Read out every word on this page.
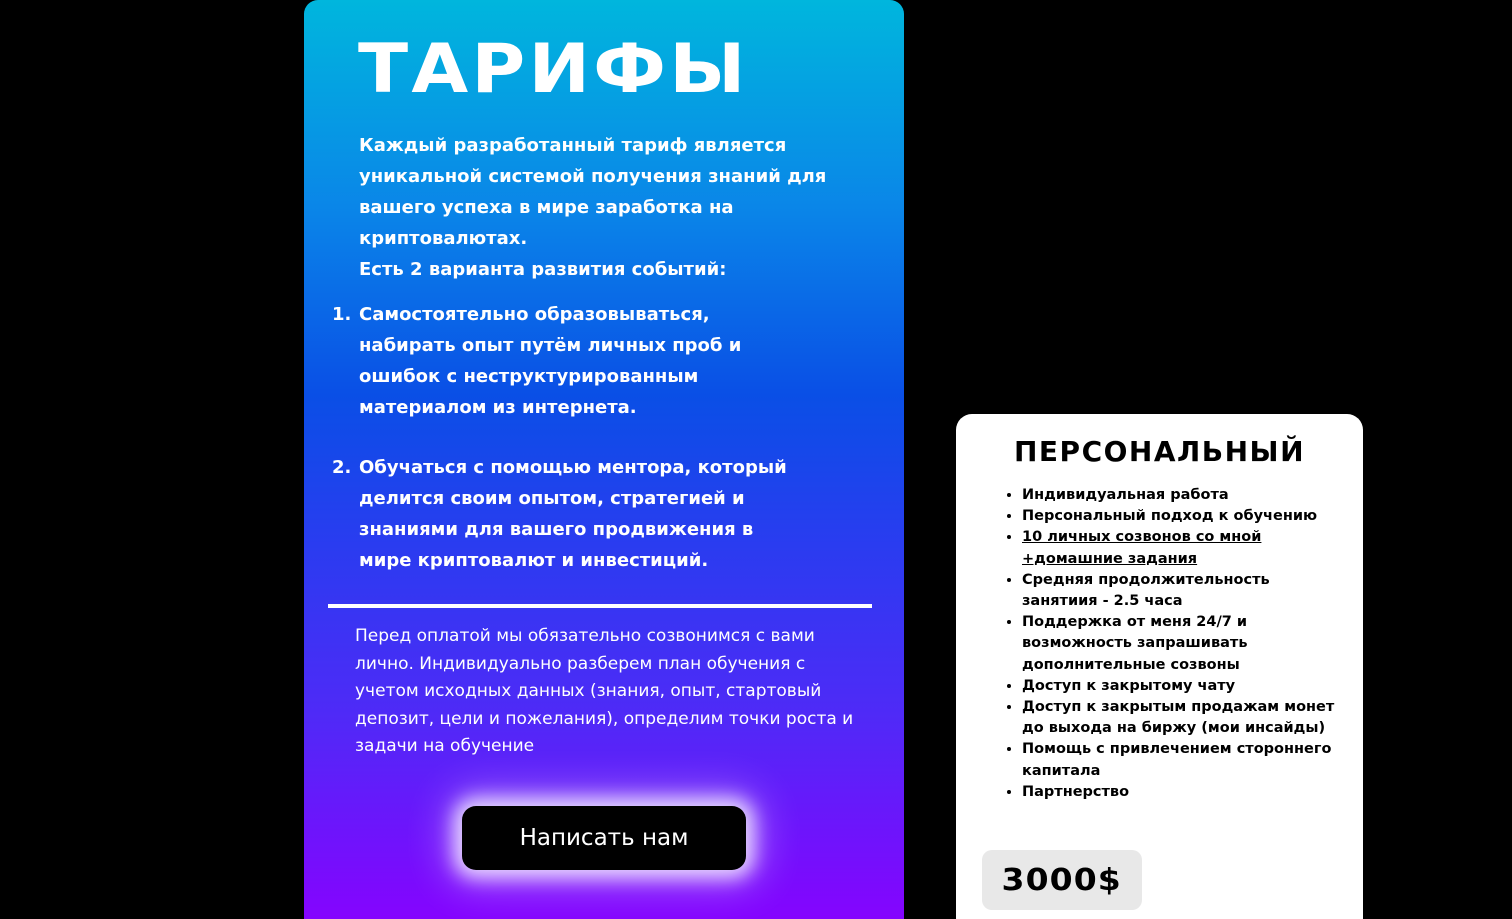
ТАРИФЫ

Каждый разработанный тариф является уникальной системой получения знаний для вашего успеха в мире заработка на криптовалютах.

Есть 2 варианта развития событий:

1. Самостоятельно образовываться, набирать опыт путём личных проб и ошибок с неструктурированным материалом из интернета.
2. Обучаться с помощью ментора, который делится своим опытом, стратегией и знаниями для вашего продвижения в мире криптовалют и инвестиций.

Перед оплатой мы обязательно созвонимся с вами лично. Индивидуально разберем план обучения с учетом исходных данных (знания, опыт, стартовый депозит, цели и пожелания), определим точки роста и задачи на обучение

Написать нам
ПЕРСОНАЛЬНЫЙ
• Индивидуальная работа
• Персональный подход к обучению
• 10 личных созвонов со мной +домашние задания
• Средняя продолжительность занятиия - 2.5 часа
• Поддержка от меня 24/7 и возможность запрашивать дополнительные созвоны
• Доступ к закрытому чату
• Доступ к закрытым продажам монет до выхода на биржу (мои инсайды)
• Помощь с привлечением стороннего капитала
• Партнерство
3000$
